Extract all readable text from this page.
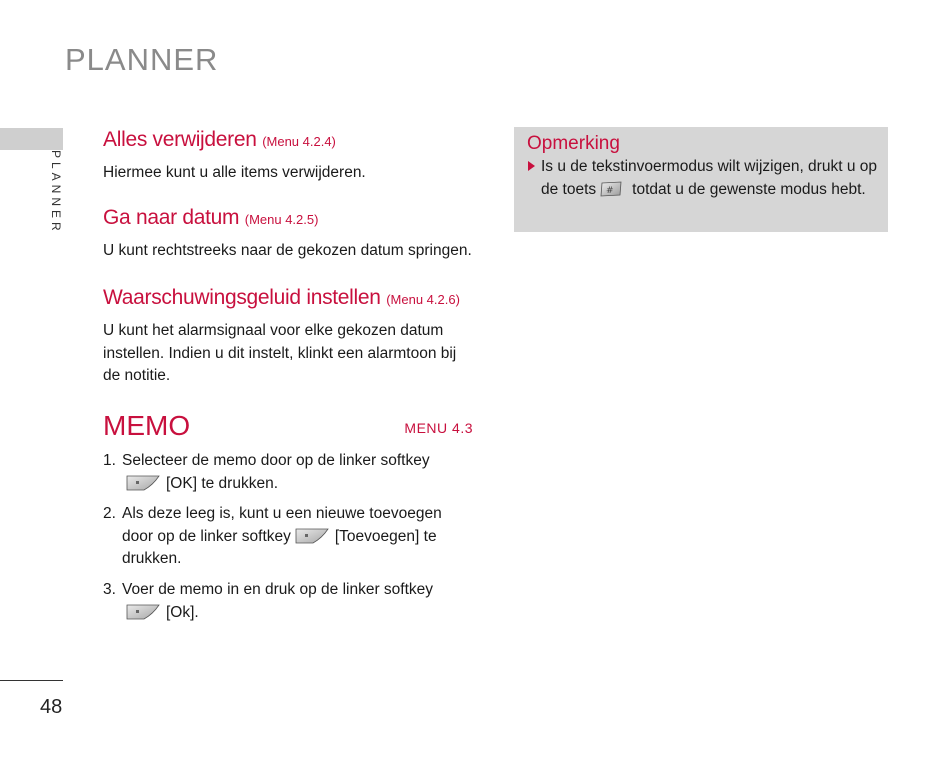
PLANNER
PLANNER
48
Alles verwijderen (Menu 4.2.4)

Hiermee kunt u alle items verwijderen.

Ga naar datum (Menu 4.2.5)

U kunt rechtstreeks naar de gekozen datum springen.

Waarschuwingsgeluid instellen (Menu 4.2.6)

U kunt het alarmsignaal voor elke gekozen datum instellen. Indien u dit instelt, klinkt een alarmtoon bij de notitie.

MEMO	MENU 4.3
1. Selecteer de memo door op de linker softkey

[OK] te drukken.
2. Als deze leeg is, kunt u een nieuwe toevoegen door op de linker softkey	[Toevoegen] te drukken.
3. Voer de memo in en druk op de linker softkey

[Ok].
Opmerking
Is u de tekstinvoermodus wilt wijzigen, drukt u op de toets # totdat u de gewenste modus hebt.
